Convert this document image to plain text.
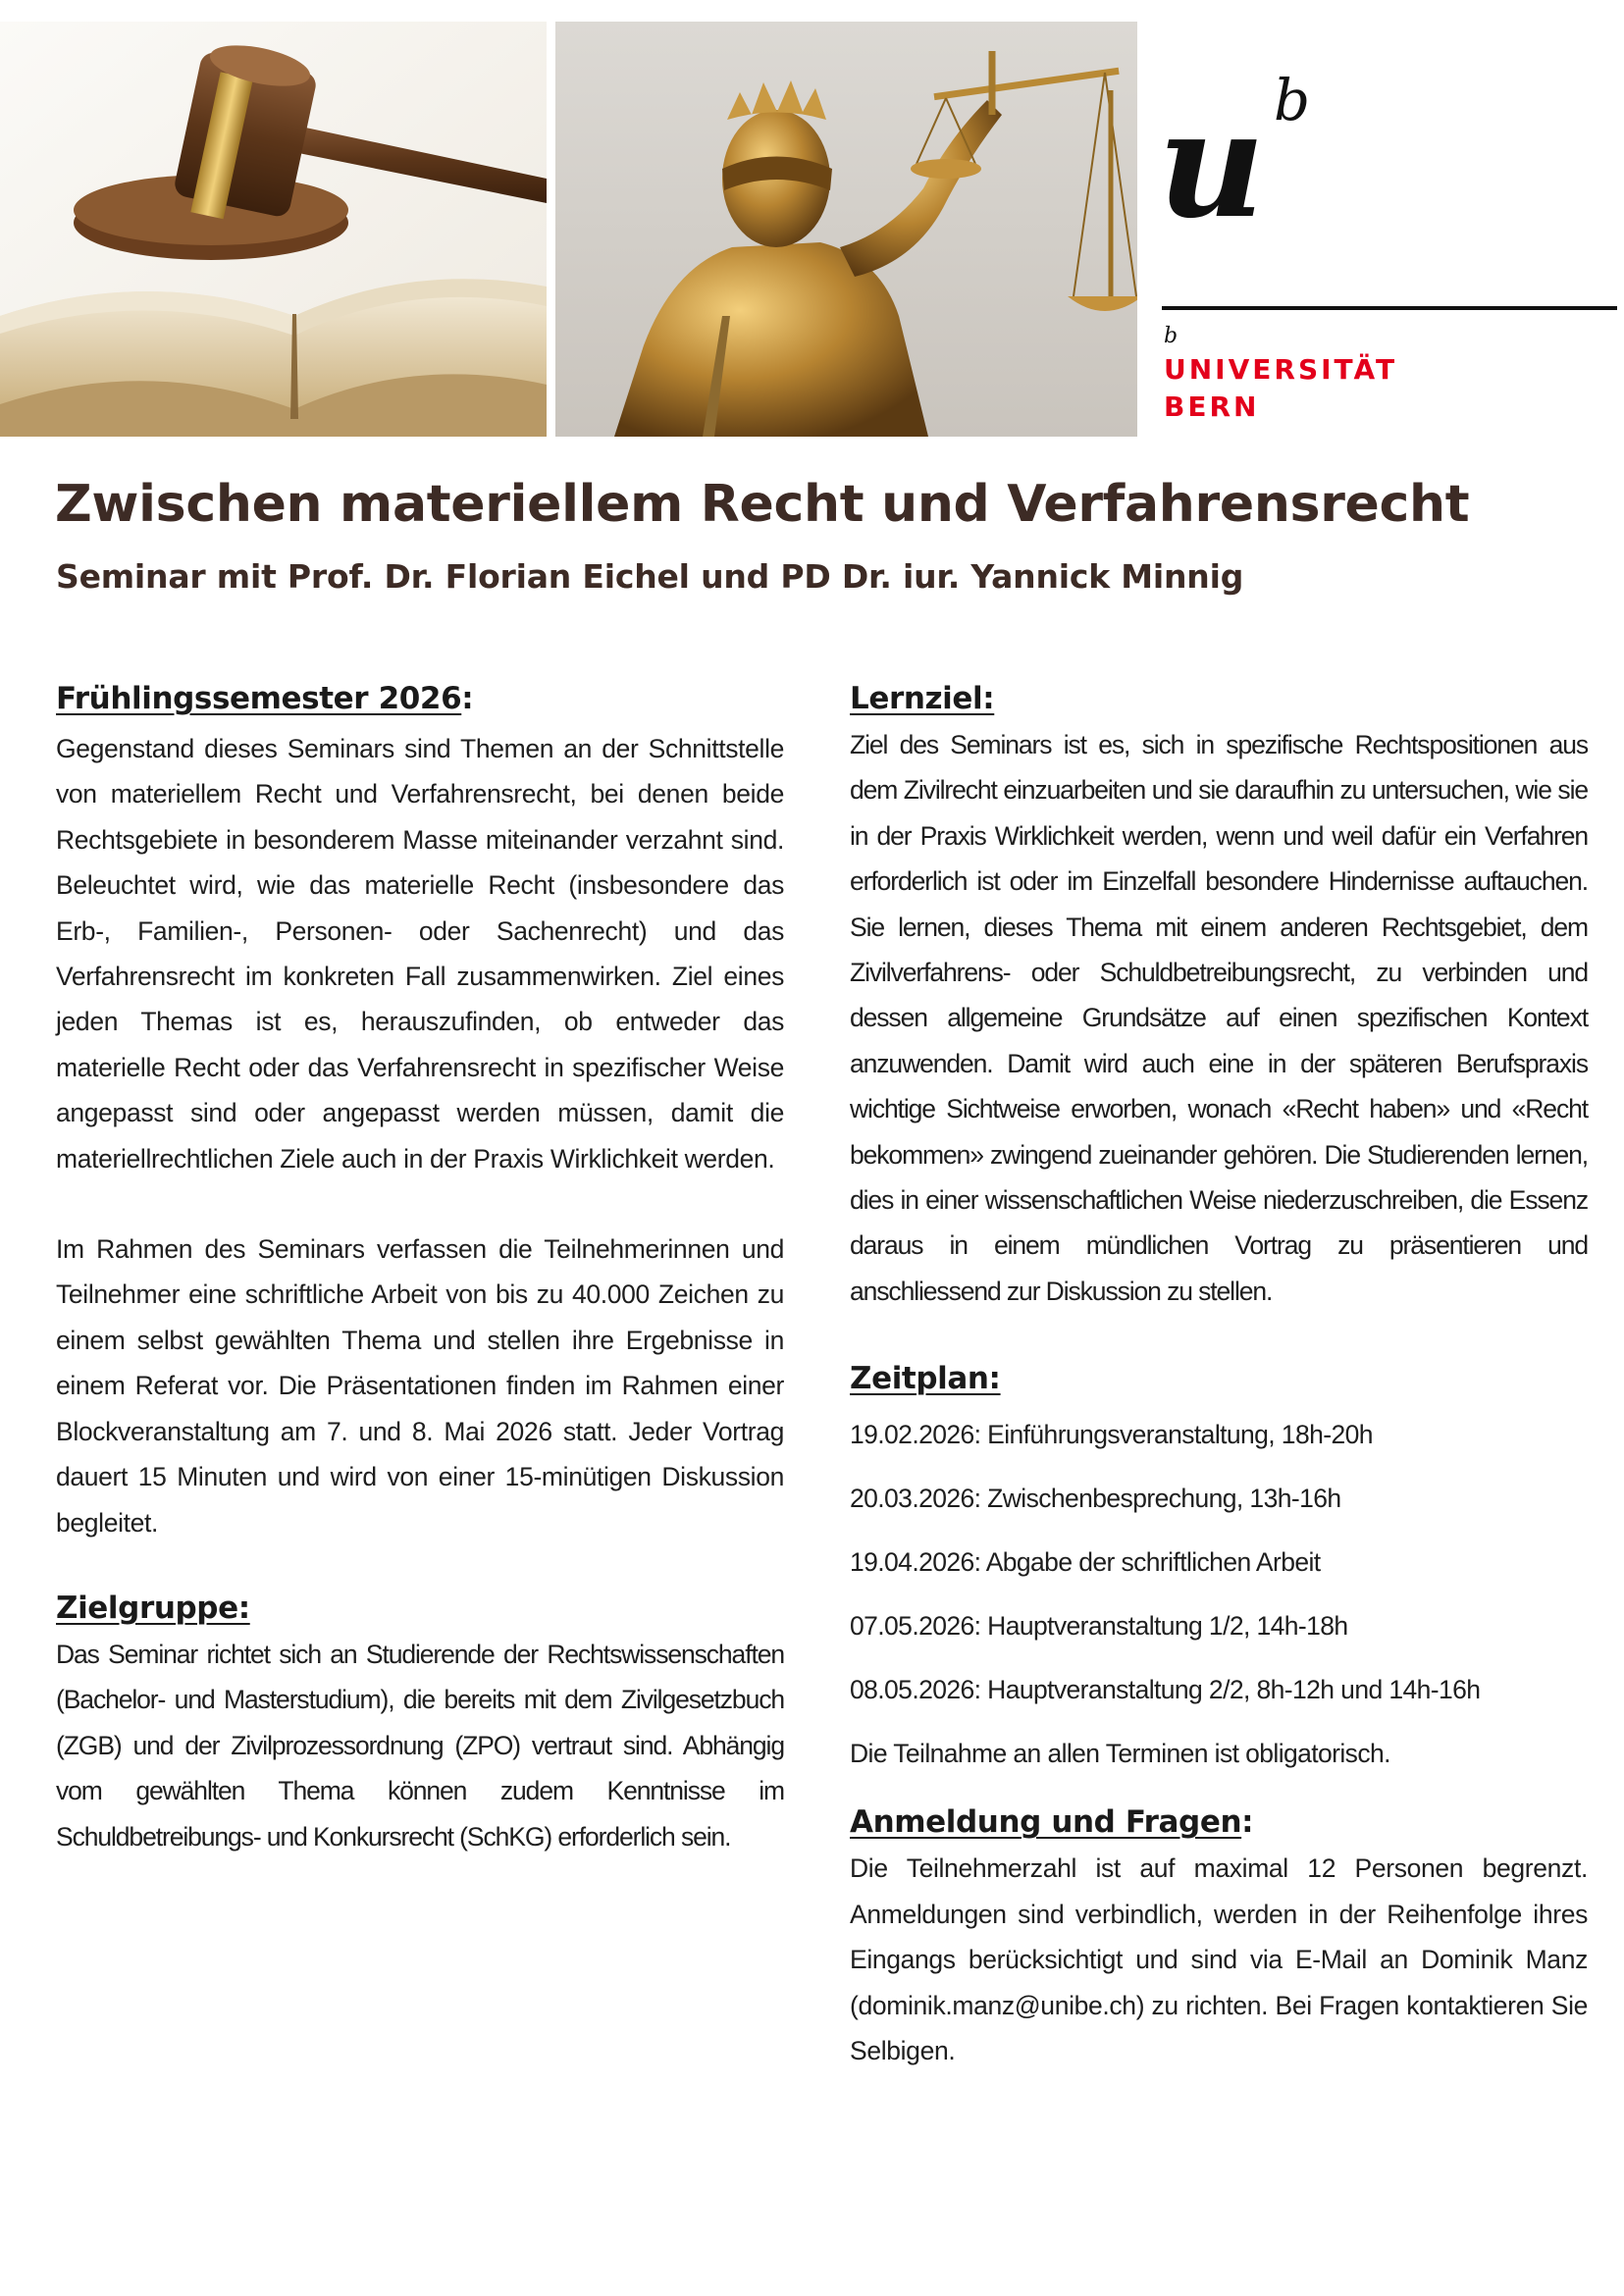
u b
b
UNIVERSITÄT
BERN
Zwischen materiellem Recht und Verfahrensrecht
Seminar mit Prof. Dr. Florian Eichel und PD Dr. iur. Yannick Minnig
Frühlingssemester 2026:

Gegenstand dieses Seminars sind Themen an der Schnittstelle von materiellem Recht und Verfahrensrecht, bei denen beide Rechtsgebiete in besonderem Masse miteinander verzahnt sind. Beleuchtet wird, wie das materielle Recht (insbesondere das Erb-, Familien-, Personen- oder Sachenrecht) und das Verfahrensrecht im konkreten Fall zusammenwirken. Ziel eines jeden Themas ist es, herauszufinden, ob entweder das materielle Recht oder das Verfahrensrecht in spezifischer Weise angepasst sind oder angepasst werden müssen, damit die materiellrechtlichen Ziele auch in der Praxis Wirklichkeit werden.

Im Rahmen des Seminars verfassen die Teilnehmerinnen und Teilnehmer eine schriftliche Arbeit von bis zu 40.000 Zeichen zu einem selbst gewählten Thema und stellen ihre Ergebnisse in einem Referat vor. Die Präsentationen finden im Rahmen einer Blockveranstaltung am 7. und 8. Mai 2026 statt. Jeder Vortrag dauert 15 Minuten und wird von einer 15-minütigen Diskussion begleitet.

Zielgruppe:

Das Seminar richtet sich an Studierende der Rechtswissenschaften (Bachelor- und Masterstudium), die bereits mit dem Zivilgesetzbuch (ZGB) und der Zivilprozessordnung (ZPO) vertraut sind. Abhängig vom gewählten Thema können zudem Kenntnisse im Schuldbetreibungs- und Konkursrecht (SchKG) erforderlich sein.

Lernziel:

Ziel des Seminars ist es, sich in spezifische Rechtspositionen aus dem Zivilrecht einzuarbeiten und sie daraufhin zu untersuchen, wie sie in der Praxis Wirklichkeit werden, wenn und weil dafür ein Verfahren erforderlich ist oder im Einzelfall besondere Hindernisse auftauchen. Sie lernen, dieses Thema mit einem anderen Rechtsgebiet, dem Zivilverfahrens- oder Schuldbetreibungsrecht, zu verbinden und dessen allgemeine Grundsätze auf einen spezifischen Kontext anzuwenden. Damit wird auch eine in der späteren Berufspraxis wichtige Sichtweise erworben, wonach «Recht haben» und «Recht bekommen» zwingend zueinander gehören. Die Studierenden lernen, dies in einer wissenschaftlichen Weise niederzuschreiben, die Essenz daraus in einem mündlichen Vortrag zu präsentieren und anschliessend zur Diskussion zu stellen.

Zeitplan:
19.02.2026: Einführungsveranstaltung, 18h-20h
20.03.2026: Zwischenbesprechung, 13h-16h
19.04.2026: Abgabe der schriftlichen Arbeit
07.05.2026: Hauptveranstaltung 1/2, 14h-18h
08.05.2026: Hauptveranstaltung 2/2, 8h-12h und 14h-16h
Die Teilnahme an allen Terminen ist obligatorisch.
Anmeldung und Fragen:

Die Teilnehmerzahl ist auf maximal 12 Personen begrenzt. Anmeldungen sind verbindlich, werden in der Reihenfolge ihres Eingangs berücksichtigt und sind via E-Mail an Dominik Manz (dominik.manz@unibe.ch) zu richten. Bei Fragen kontaktieren Sie Selbigen.
